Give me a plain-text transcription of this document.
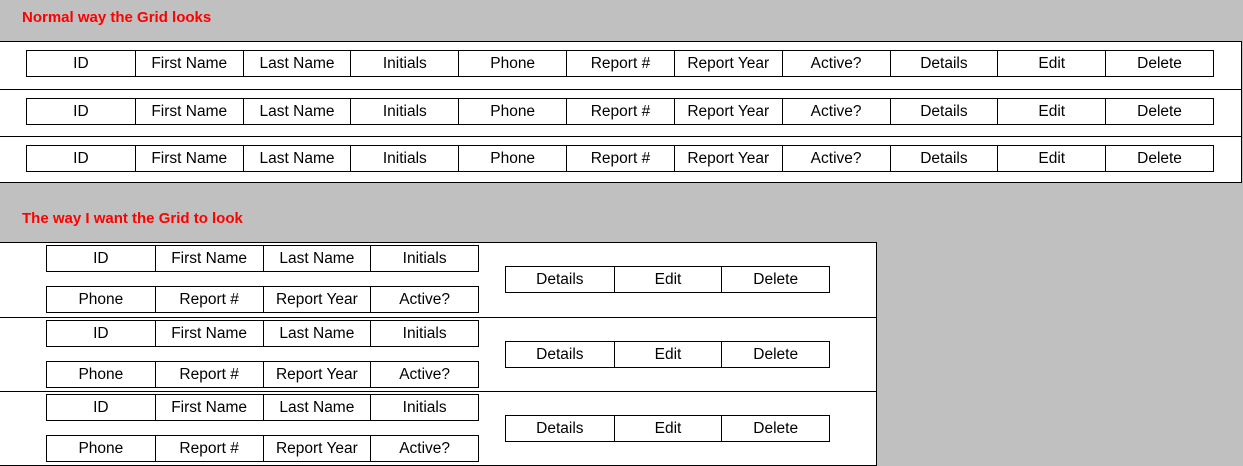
Normal way the Grid looks
ID	First Name	Last Name	Initials	Phone	Report #	Report Year	Active?	Details	Edit	Delete
ID	First Name	Last Name	Initials	Phone	Report #	Report Year	Active?	Details	Edit	Delete
ID	First Name	Last Name	Initials	Phone	Report #	Report Year	Active?	Details	Edit	Delete
The way I want the Grid to look
ID	First Name	Last Name	Initials
Phone	Report #	Report Year	Active?
Details	Edit	Delete
ID	First Name	Last Name	Initials
Phone	Report #	Report Year	Active?
Details	Edit	Delete
ID	First Name	Last Name	Initials
Phone	Report #	Report Year	Active?
Details	Edit	Delete
